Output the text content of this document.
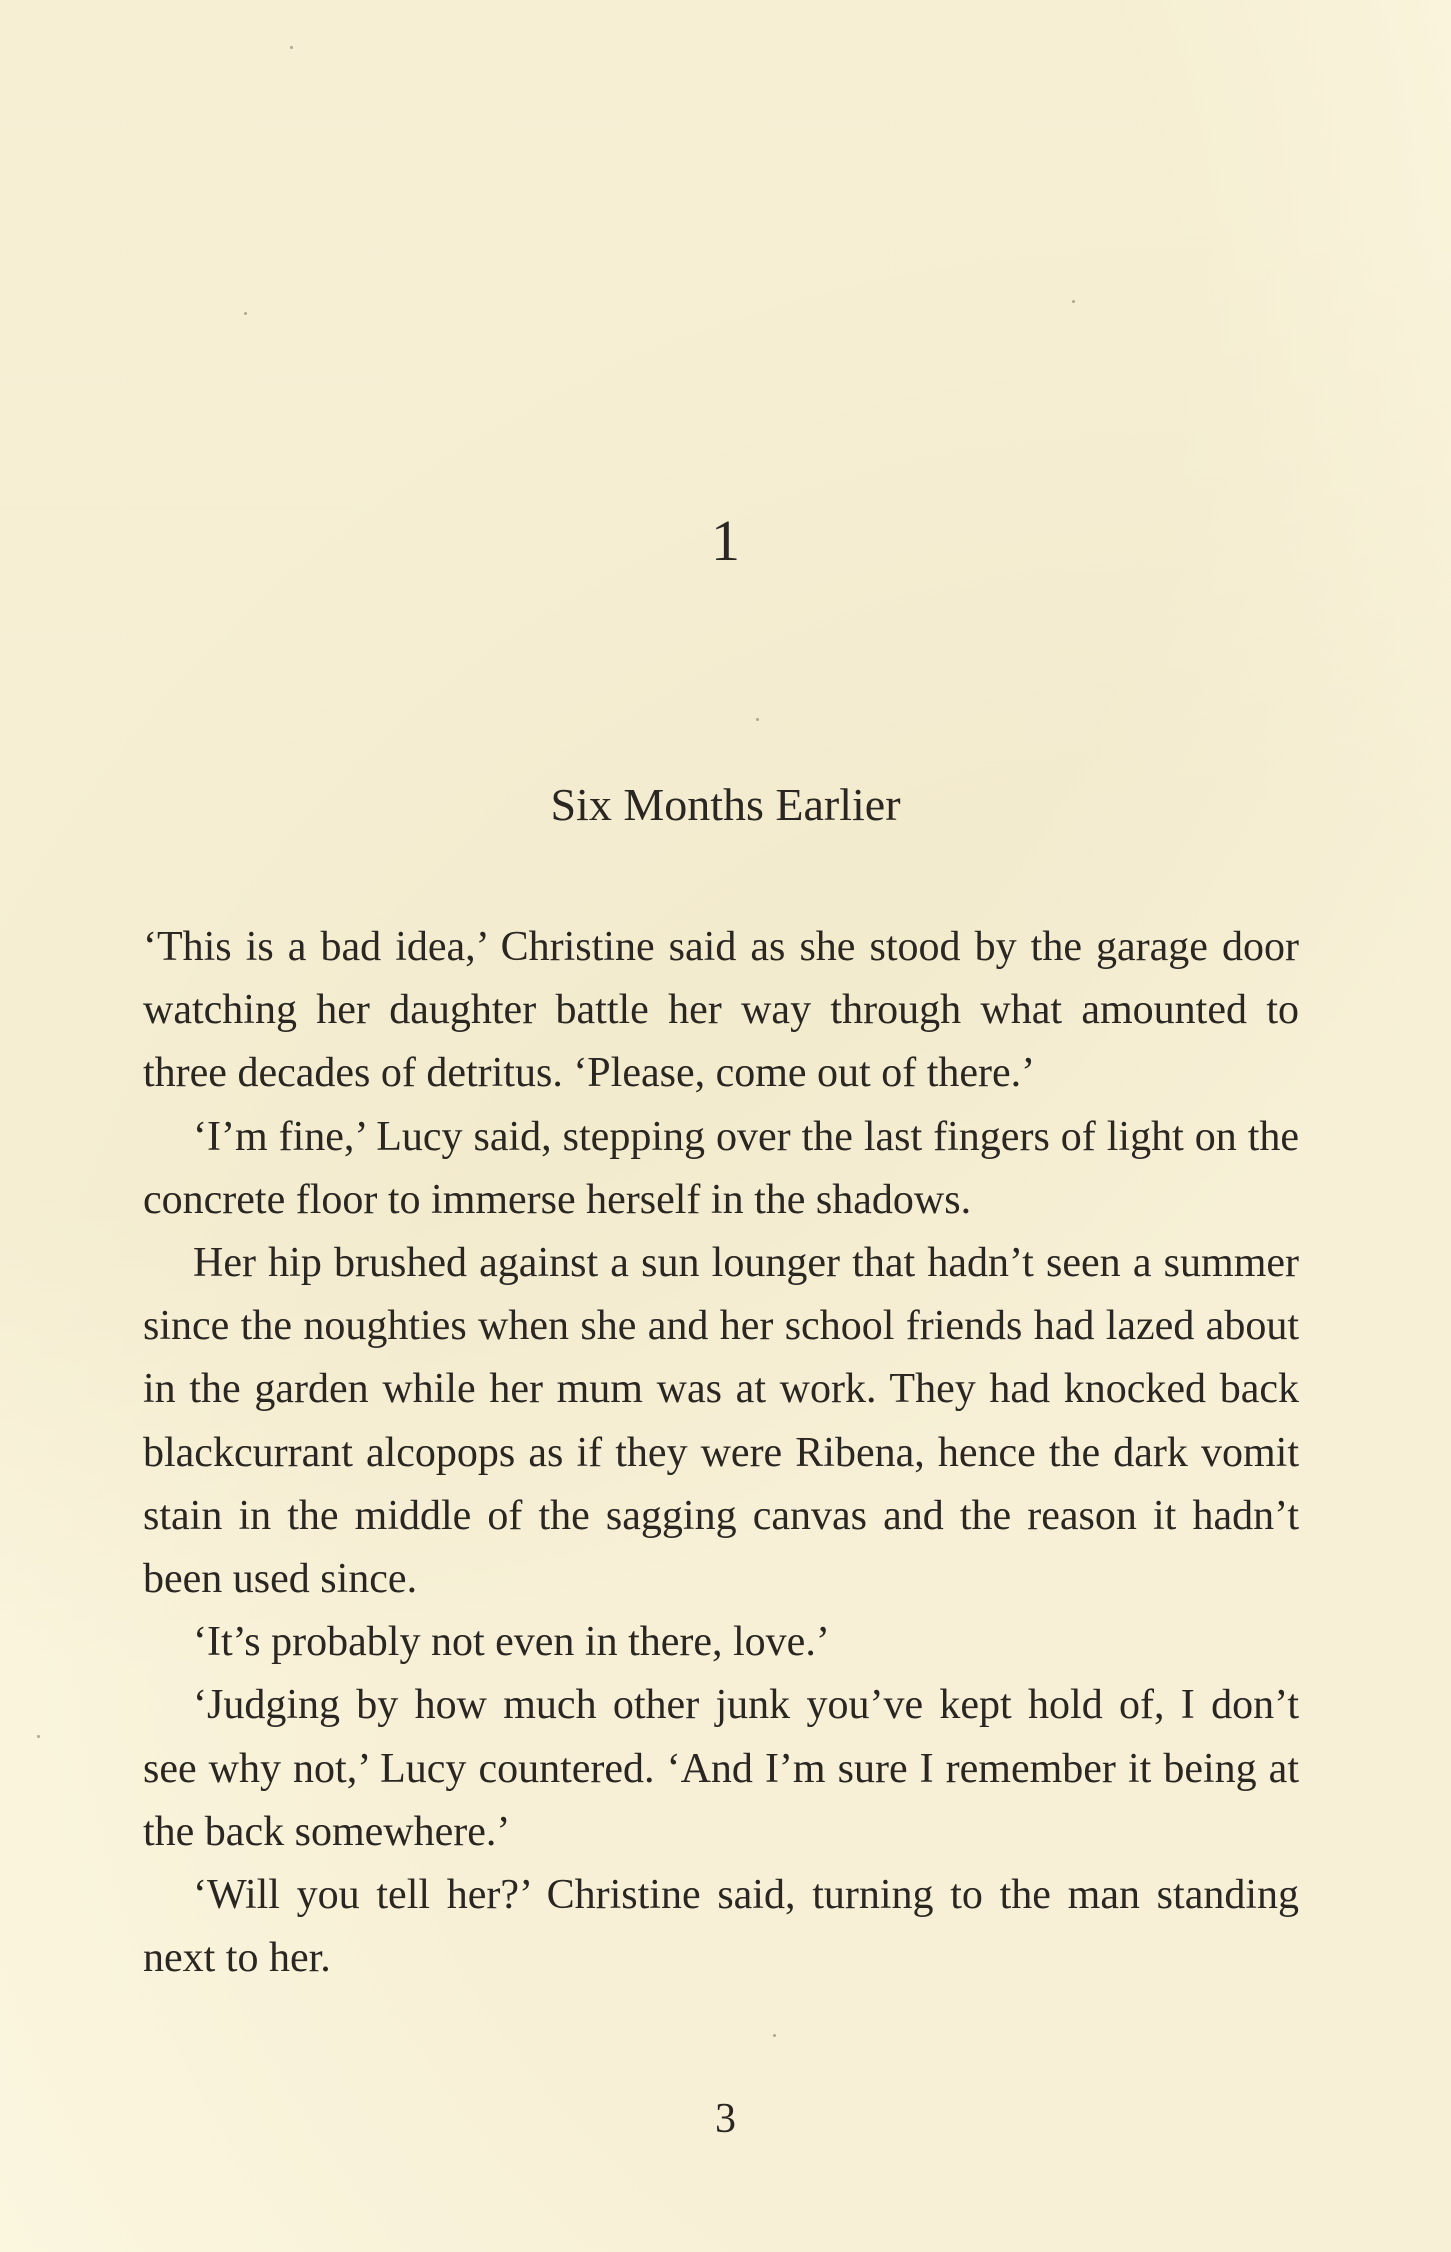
1
Six Months Earlier

‘This is a bad idea,’ Christine said as she stood by the garage door watching her daughter battle her way through what amounted to three decades of detritus. ‘Please, come out of there.’

‘I’m fine,’ Lucy said, stepping over the last fingers of light on the concrete floor to immerse herself in the shadows.

Her hip brushed against a sun lounger that hadn’t seen a summer since the noughties when she and her school friends had lazed about in the garden while her mum was at work. They had knocked back blackcurrant alcopops as if they were Ribena, hence the dark vomit stain in the middle of the sagging canvas and the reason it hadn’t been used since.

‘It’s probably not even in there, love.’

‘Judging by how much other junk you’ve kept hold of, I don’t see why not,’ Lucy countered. ‘And I’m sure I remember it being at the back somewhere.’

‘Will you tell her?’ Christine said, turning to the man standing next to her.

3
